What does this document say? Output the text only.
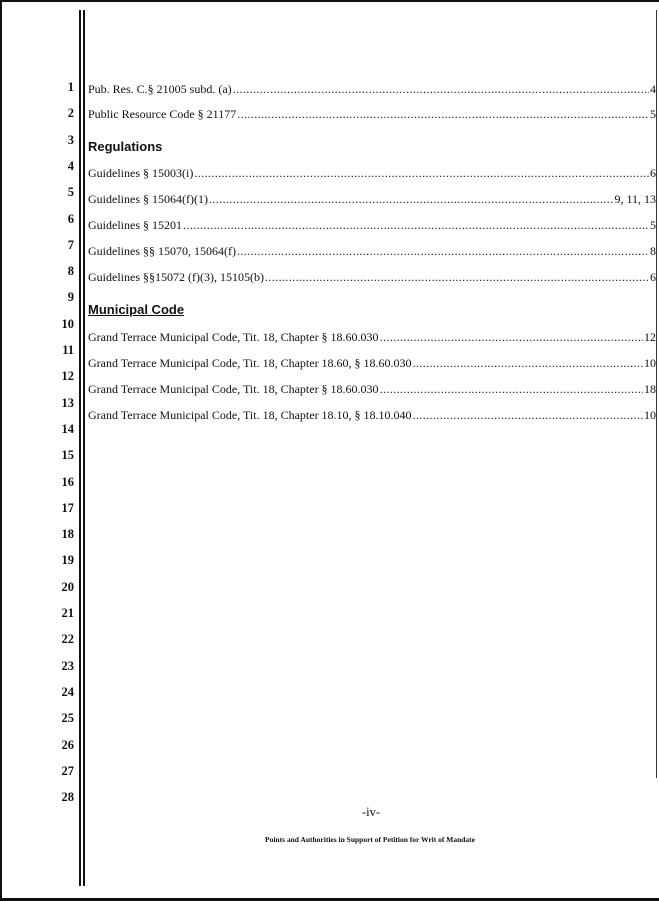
1
2
3
4
5
6
7
8
9
10
11
12
13
14
15
16
17
18
19
20
21
22
23
24
25
26
27
28
Pub. Res. C.§ 21005 subd. (a) .....	4
Public Resource Code § 21177 .....	5
Regulations
Guidelines § 15003(i) .....	6
Guidelines § 15064(f)(1) .....	9, 11, 13
Guidelines § 15201 .....	5
Guidelines §§ 15070, 15064(f) .....	8
Guidelines §§15072 (f)(3), 15105(b) .....	6
Municipal Code
Grand Terrace Municipal Code, Tit. 18, Chapter § 18.60.030 .....	12
Grand Terrace Municipal Code, Tit. 18, Chapter 18.60, § 18.60.030 .....	10
Grand Terrace Municipal Code, Tit. 18, Chapter § 18.60.030 .....	18
Grand Terrace Municipal Code, Tit. 18, Chapter 18.10, § 18.10.040 .....	10
-iv-
Points and Authorities in Support of Petition for Writ of Mandate
